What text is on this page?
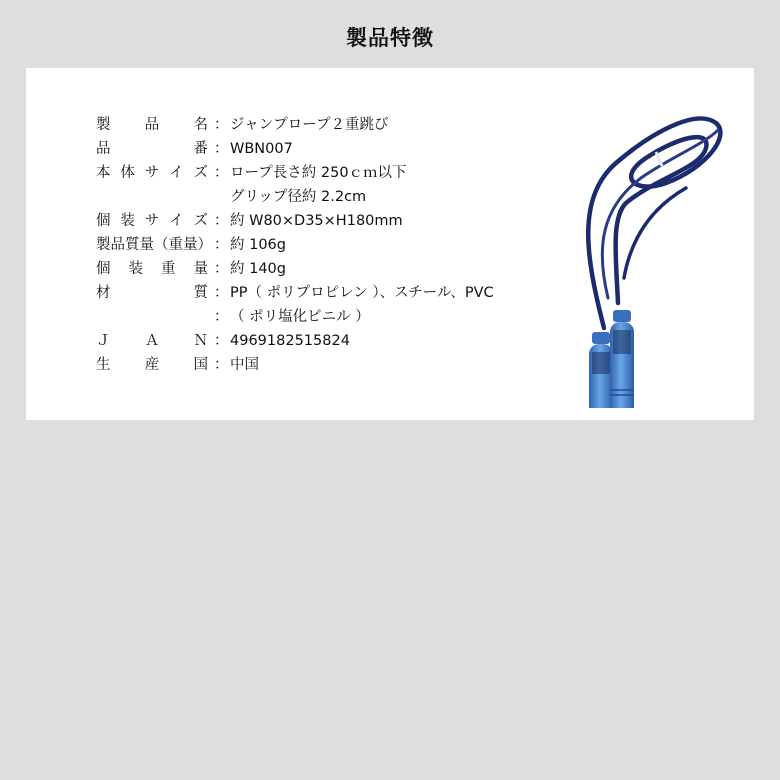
製品特徴
製 品 名 ： ジャンプロープ２重跳び
品	番 ： WBN007
本 体 サ イ ズ ： ロープ長さ約 250ｃｍ以下
グリップ径約 2.2cm
個 装 サ イ ズ ： 約 W80×D35×H180mm
製品質量（重量） ： 約 106g
個 装 重 量 ： 約 140g
材	質 ： PP（ ポリプロピレン ）、スチール、PVC
： （ ポリ塩化ビニル ）
Ｊ Ａ Ｎ ： 4969182515824
生 産 国 ： 中国
